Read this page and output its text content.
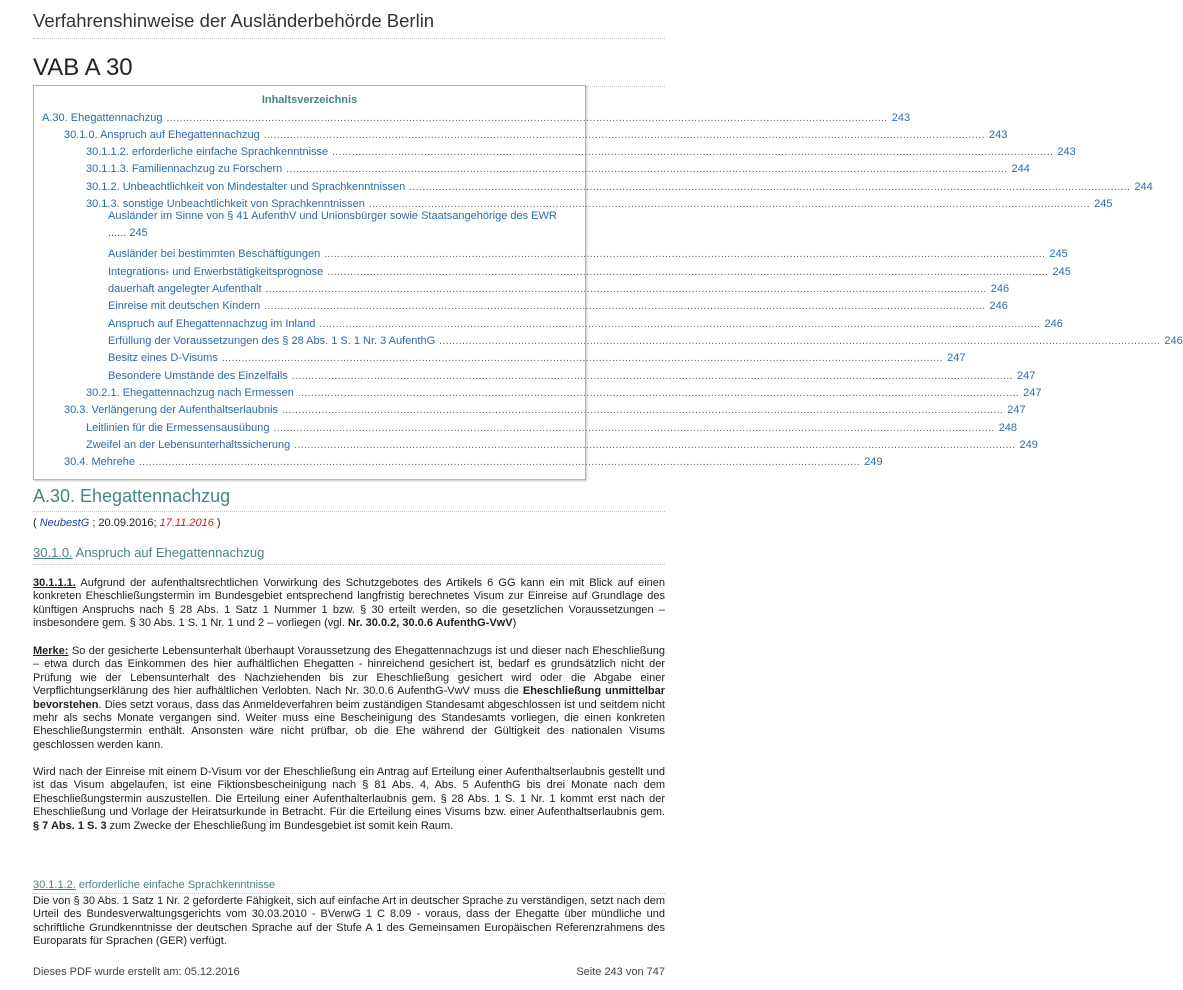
Verfahrenshinweise der Ausländerbehörde Berlin
VAB A 30
Inhaltsverzeichnis
A.30. Ehegattennachzug ............................................................................................................................................................................................................................ 243
30.1.0. Anspruch auf Ehegattennachzug ............................................................................................................................................................................................................................ 243
30.1.1.2. erforderliche einfache Sprachkenntnisse ............................................................................................................................................................................................................................ 243
30.1.1.3. Familiennachzug zu Forschern ............................................................................................................................................................................................................................ 244
30.1.2. Unbeachtlichkeit von Mindestalter und Sprachkenntnissen ............................................................................................................................................................................................................................ 244
30.1.3. sonstige Unbeachtlichkeit von Sprachkenntnissen ............................................................................................................................................................................................................................ 245
Ausländer im Sinne von § 41 AufenthV und Unionsbürger sowie Staatsangehörige des EWR ...... 245
Ausländer bei bestimmten Beschäftigungen ............................................................................................................................................................................................................................ 245
Integrations- und Erwerbstätigkeitsprognose ............................................................................................................................................................................................................................ 245
dauerhaft angelegter Aufenthalt ............................................................................................................................................................................................................................ 246
Einreise mit deutschen Kindern ............................................................................................................................................................................................................................ 246
Anspruch auf Ehegattennachzug im Inland ............................................................................................................................................................................................................................ 246
Erfüllung der Voraussetzungen des § 28 Abs. 1 S. 1 Nr. 3 AufenthG ............................................................................................................................................................................................................................ 246
Besitz eines D-Visums ............................................................................................................................................................................................................................ 247
Besondere Umstände des Einzelfalls ............................................................................................................................................................................................................................ 247
30.2.1. Ehegattennachzug nach Ermessen ............................................................................................................................................................................................................................ 247
30.3. Verlängerung der Aufenthaltserlaubnis ............................................................................................................................................................................................................................ 247
Leitlinien für die Ermessensausübung ............................................................................................................................................................................................................................ 248
Zweifel an der Lebensunterhaltssicherung ............................................................................................................................................................................................................................ 249
30.4. Mehrehe ............................................................................................................................................................................................................................ 249
A.30. Ehegattennachzug
( NeubestG ; 20.09.2016; 17.11.2016 )
30.1.0. Anspruch auf Ehegattennachzug
30.1.1.1. Aufgrund der aufenthaltsrechtlichen Vorwirkung des Schutzgebotes des Artikels 6 GG kann ein mit Blick auf einen konkreten Eheschließungstermin im Bundesgebiet entsprechend langfristig berechnetes Visum zur Einreise auf Grundlage des künftigen Anspruchs nach § 28 Abs. 1 Satz 1 Nummer 1 bzw. § 30 erteilt werden, so die gesetzlichen Voraussetzungen – insbesondere gem. § 30 Abs. 1 S. 1 Nr. 1 und 2 – vorliegen (vgl. Nr. 30.0.2, 30.0.6 AufenthG-VwV)
Merke: So der gesicherte Lebensunterhalt überhaupt Voraussetzung des Ehegattennachzugs ist und dieser nach Eheschließung – etwa durch das Einkommen des hier aufhältlichen Ehegatten - hinreichend gesichert ist, bedarf es grundsätzlich nicht der Prüfung wie der Lebensunterhalt des Nachziehenden bis zur Eheschließung gesichert wird oder die Abgabe einer Verpflichtungserklärung des hier aufhältlichen Verlobten. Nach Nr. 30.0.6 AufenthG-VwV muss die Eheschließung unmittelbar bevorstehen. Dies setzt voraus, dass das Anmeldeverfahren beim zuständigen Standesamt abgeschlossen ist und seitdem nicht mehr als sechs Monate vergangen sind. Weiter muss eine Bescheinigung des Standesamts vorliegen, die einen konkreten Eheschließungstermin enthält. Ansonsten wäre nicht prüfbar, ob die Ehe während der Gültigkeit des nationalen Visums geschlossen werden kann.
Wird nach der Einreise mit einem D-Visum vor der Eheschließung ein Antrag auf Erteilung einer Aufenthaltserlaubnis gestellt und ist das Visum abgelaufen, ist eine Fiktionsbescheinigung nach § 81 Abs. 4, Abs. 5 AufenthG bis drei Monate nach dem Eheschließungstermin auszustellen. Die Erteilung einer Aufenthalterlaubnis gem. § 28 Abs. 1 S. 1 Nr. 1 kommt erst nach der Eheschließung und Vorlage der Heiratsurkunde in Betracht. Für die Erteilung eines Visums bzw. einer Aufenthaltserlaubnis gem. § 7 Abs. 1 S. 3 zum Zwecke der Eheschließung im Bundesgebiet ist somit kein Raum.
30.1.1.2. erforderliche einfache Sprachkenntnisse
Die von § 30 Abs. 1 Satz 1 Nr. 2 geforderte Fähigkeit, sich auf einfache Art in deutscher Sprache zu verständigen, setzt nach dem Urteil des Bundesverwaltungsgerichts vom 30.03.2010 - BVerwG 1 C 8.09 - voraus, dass der Ehegatte über mündliche und schriftliche Grundkenntnisse der deutschen Sprache auf der Stufe A 1 des Gemeinsamen Europäischen Referenzrahmens des Europarats für Sprachen (GER) verfügt.
Dieses PDF wurde erstellt am: 05.12.2016	Seite 243 von 747
